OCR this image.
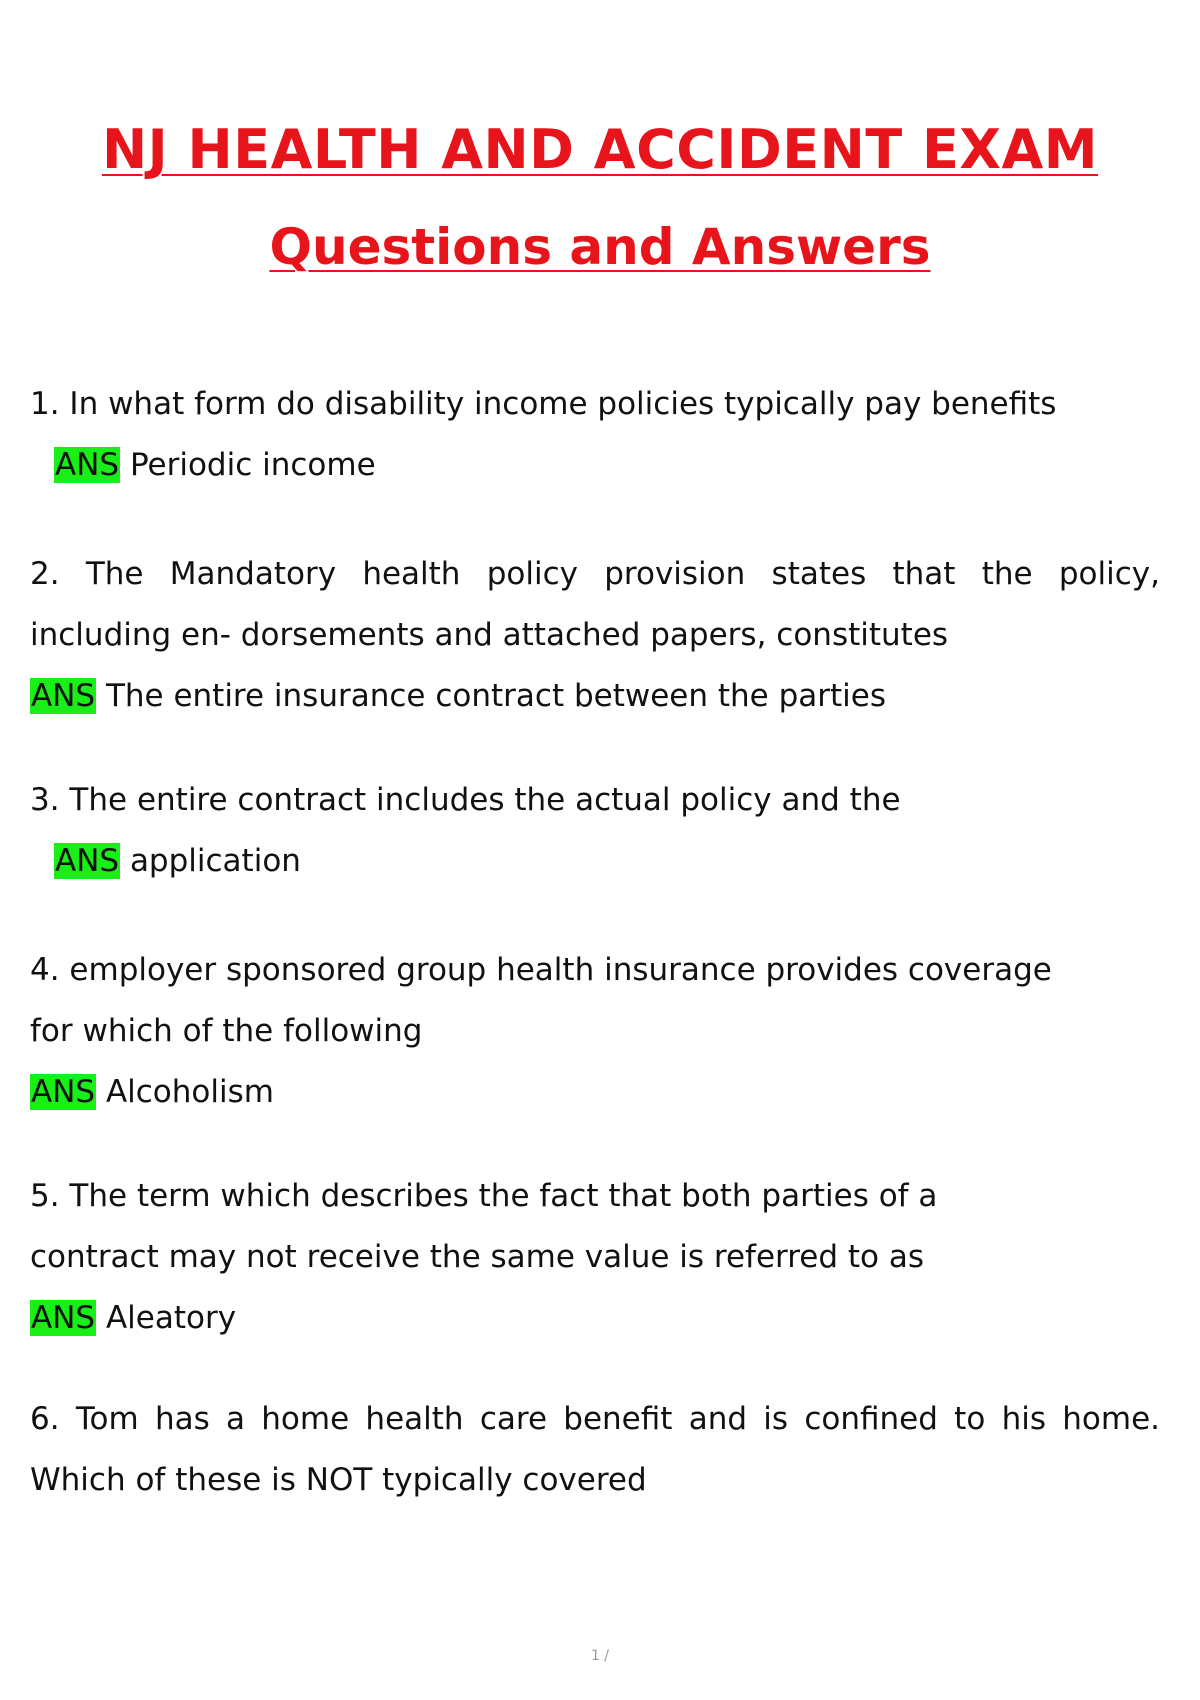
NJ HEALTH AND ACCIDENT EXAM
Questions and Answers
1. In what form do disability income policies typically pay benefits
ANS Periodic income
2. The Mandatory health policy provision states that the policy,
including en- dorsements and attached papers, constitutes
ANS The entire insurance contract between the parties
3. The entire contract includes the actual policy and the
ANS application
4. employer sponsored group health insurance provides coverage
for which of the following
ANS Alcoholism
5. The term which describes the fact that both parties of a
contract may not receive the same value is referred to as
ANS Aleatory
6. Tom has a home health care benefit and is confined to his home.
Which of these is NOT typically covered
1 /
